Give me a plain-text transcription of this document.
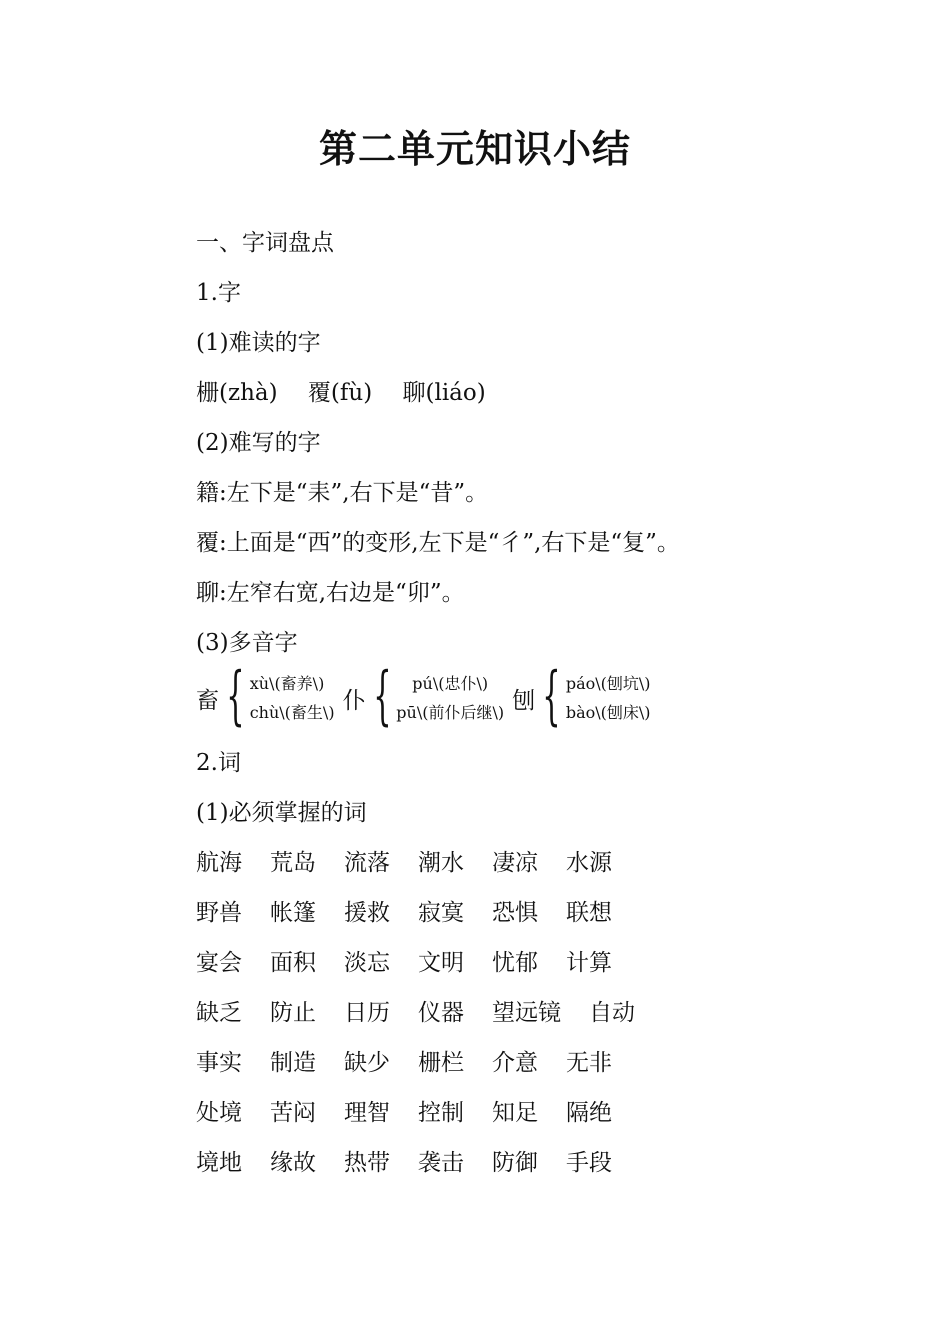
第二单元知识小结
一、字词盘点
1.字
(1)难读的字
栅(zhà)　 覆(fù)　 聊(liáo)
(2)难写的字
籍:左下是“耒”,右下是“昔”。
覆:上面是“西”的变形,左下是“彳”,右下是“复”。
聊:左窄右宽,右边是“卯”。
(3)多音字
畜 { xù\(畜养\)
chù\(畜生\) 仆 {	pú\(忠仆\)
pū\(前仆后继\) 刨 { páo\(刨坑\)
bào\(刨床\)
2.词
(1)必须掌握的词
航海 荒岛 流落 潮水 凄凉 水源
野兽 帐篷 援救 寂寞 恐惧 联想
宴会 面积 淡忘 文明 忧郁 计算
缺乏 防止 日历 仪器 望远镜 自动
事实 制造 缺少 栅栏 介意 无非
处境 苦闷 理智 控制 知足 隔绝
境地 缘故 热带 袭击 防御 手段
